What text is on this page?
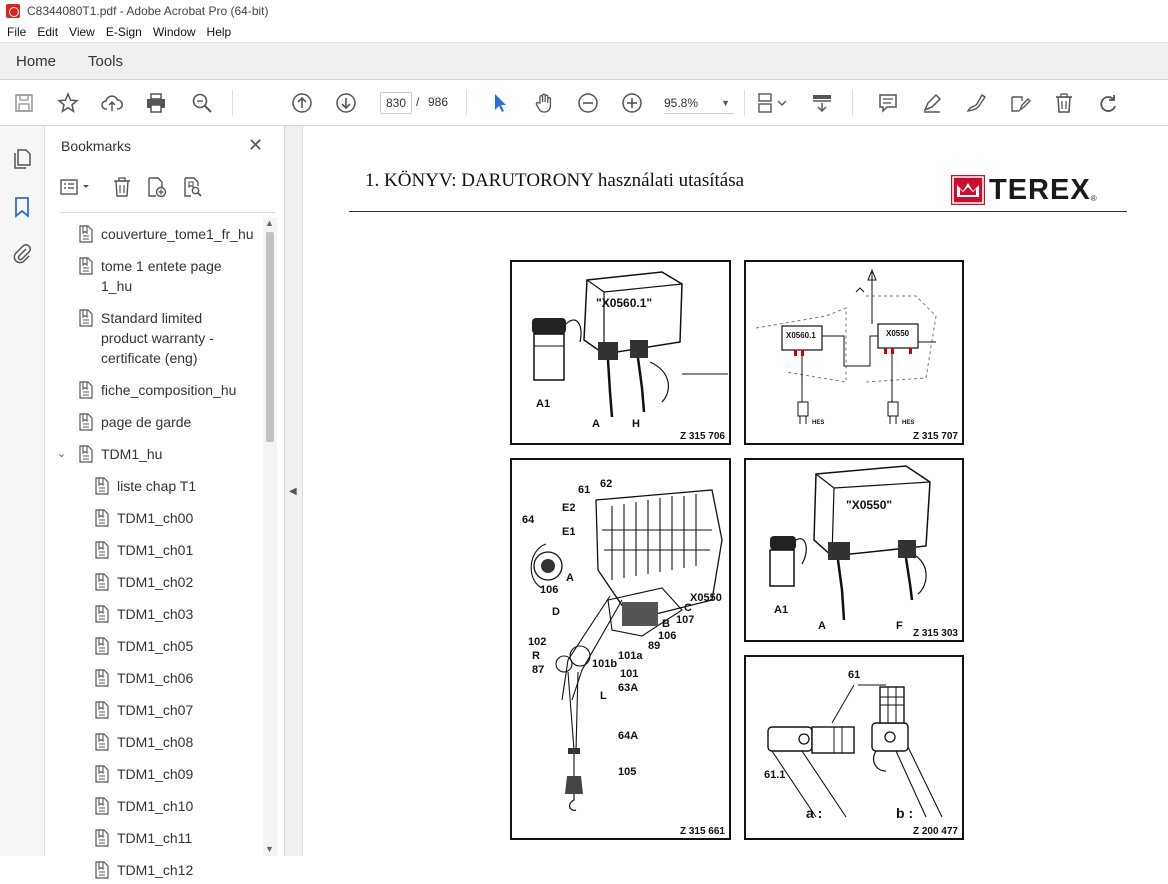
C8344080T1.pdf - Adobe Acrobat Pro (64-bit)
File Edit View E-Sign Window Help
Home Tools
830 / 986	95.8%	▼
Bookmarks	✕
couverture_tome1_fr_hu
tome 1 entete page
1_hu
Standard limited
product warranty -
certificate (eng)
fiche_composition_hu
page de garde
⌄ TDM1_hu
liste chap T1
TDM1_ch00
TDM1_ch01
TDM1_ch02
TDM1_ch03
TDM1_ch05
TDM1_ch06
TDM1_ch07
TDM1_ch08
TDM1_ch09
TDM1_ch10
TDM1_ch11
TDM1_ch12
▲
▼
◀
1. KÖNYV: DARUTORONY használati utasítása	TEREX ®
"X0560.1"
A1
A	H
Z 315 706
X0560.1	X0550
HES	HES
Z 315 707
61 62
E2
E1
64
A
106
D
X0550
C
107
B
106
102
R
87
101a
89
101b
101
63A
L
64A
105
Z 315 661
"X0550"
A1
A	F
Z 315 303
61
61.1
a :	b :
Z 200 477
